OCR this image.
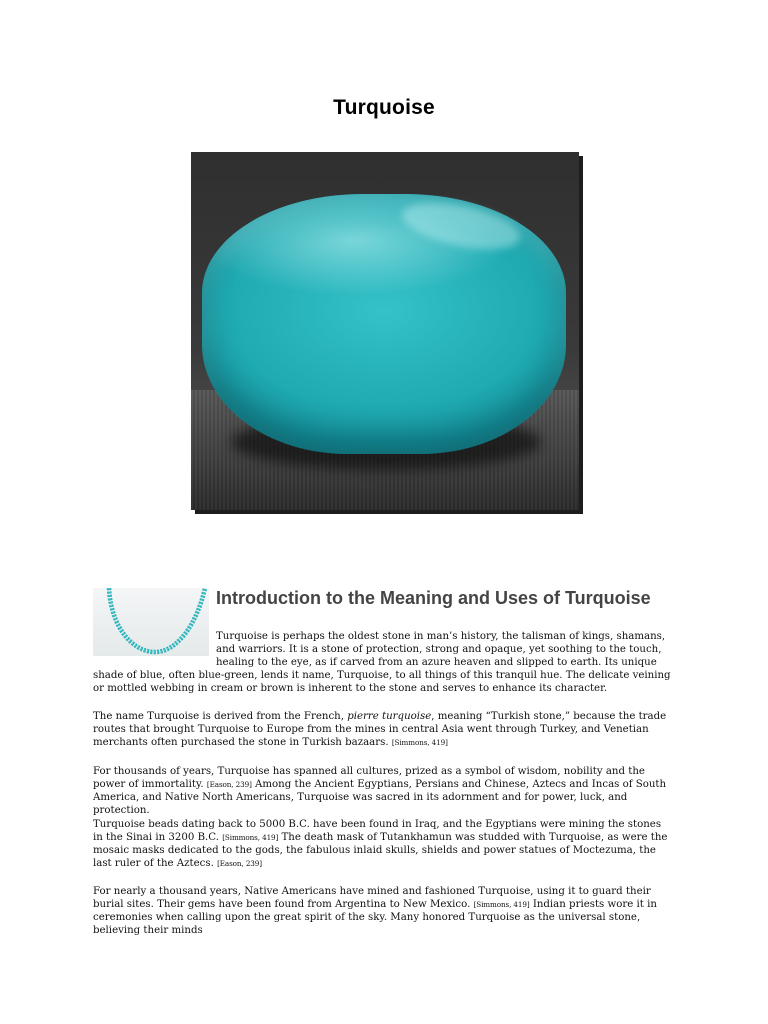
Turquoise
Introduction to the Meaning and Uses of Turquoise

Turquoise is perhaps the oldest stone in man’s history, the talisman of kings, shamans, and warriors. It is a stone of protection, strong and opaque, yet soothing to the touch, healing to the eye, as if carved from an azure heaven and slipped to earth. Its unique shade of blue, often blue-green, lends it name, Turquoise, to all things of this tranquil hue. The delicate veining or mottled webbing in cream or brown is inherent to the stone and serves to enhance its character.

The name Turquoise is derived from the French, pierre turquoise, meaning “Turkish stone,” because the trade routes that brought Turquoise to Europe from the mines in central Asia went through Turkey, and Venetian merchants often purchased the stone in Turkish bazaars. [Simmons, 419]

For thousands of years, Turquoise has spanned all cultures, prized as a symbol of wisdom, nobility and the power of immortality. [Eason, 239] Among the Ancient Egyptians, Persians and Chinese, Aztecs and Incas of South America, and Native North Americans, Turquoise was sacred in its adornment and for power, luck, and protection.

Turquoise beads dating back to 5000 B.C. have been found in Iraq, and the Egyptians were mining the stones in the Sinai in 3200 B.C. [Simmons, 419] The death mask of Tutankhamun was studded with Turquoise, as were the mosaic masks dedicated to the gods, the fabulous inlaid skulls, shields and power statues of Moctezuma, the last ruler of the Aztecs. [Eason, 239]

For nearly a thousand years, Native Americans have mined and fashioned Turquoise, using it to guard their burial sites. Their gems have been found from Argentina to New Mexico. [Simmons, 419] Indian priests wore it in ceremonies when calling upon the great spirit of the sky. Many honored Turquoise as the universal stone, believing their minds
